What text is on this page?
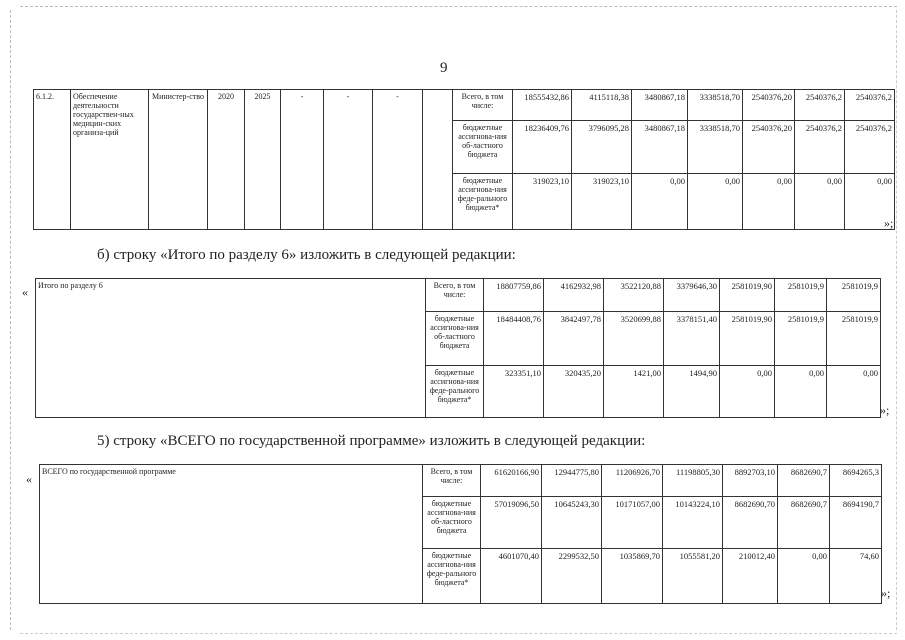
9
6.1.2.	Обеспечение деятельности государствен-ных медицин-ских организа-ций	Министер-ство	2020	2025	-	-	-		Всего, в том числе:	18555432,86	4115118,38	3480867,18	3338518,70	2540376,20	2540376,2	2540376,2
									бюджетные ассигнова-ния об-ластного бюджета	18236409,76	3796095,28	3480867,18	3338518,70	2540376,20	2540376,2	2540376,2
									бюджетные ассигнова-ния феде-рального бюджета*	319023,10	319023,10	0,00	0,00	0,00	0,00	0,00
»;
б) строку «Итого по разделу 6» изложить в следующей редакции:
« Итого по разделу 6	Всего, в том числе:	18807759,86	4162932,98	3522120,88	3379646,30	2581019,90	2581019,9	2581019,9
	бюджетные ассигнова-ния об-ластного бюджета	18484408,76	3842497,78	3520699,88	3378151,40	2581019,90	2581019,9	2581019,9
	бюджетные ассигнова-ния феде-рального бюджета*	323351,10	320435,20	1421,00	1494,90	0,00	0,00	0,00
»;
5) строку «ВСЕГО по государственной программе» изложить в следующей редакции:
«
ВСЕГО по государственной программе	Всего, в том числе:	61620166,90	12944775,80	11206926,70	11198805,30	8892703,10	8682690,7	8694265,3
	бюджетные ассигнова-ния об-ластного бюджета	57019096,50	10645243,30	10171057,00	10143224,10	8682690,70	8682690,7	8694190,7
	бюджетные ассигнова-ния феде-рального бюджета*	4601070,40	2299532,50	1035869,70	1055581,20	210012,40	0,00	74,60
»;
